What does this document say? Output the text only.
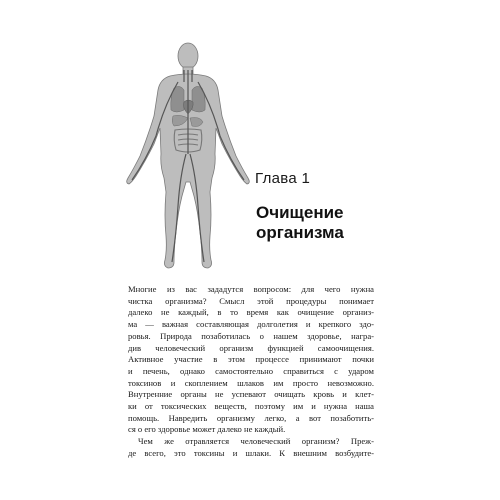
Глава 1
Очищение
организма

Многие из вас зададутся вопросом: для чего нужна
чистка организма? Смысл этой процедуры понимает
далеко не каждый, в то время как очищение организ-
ма — важная составляющая долголетия и крепкого здо-
ровья. Природа позаботилась о нашем здоровье, награ-
див человеческий организм функцией самоочищения.
Активное участие в этом процессе принимают почки
и печень, однако самостоятельно справиться с ударом
токсинов и скоплением шлаков им просто невозможно.
Внутренние органы не успевают очищать кровь и клет-
ки от токсических веществ, поэтому им и нужна наша
помощь. Навредить организму легко, а вот позаботить-
ся о его здоровье может далеко не каждый.

Чем же отравляется человеческий организм? Преж-
де всего, это токсины и шлаки. К внешним возбудите-
